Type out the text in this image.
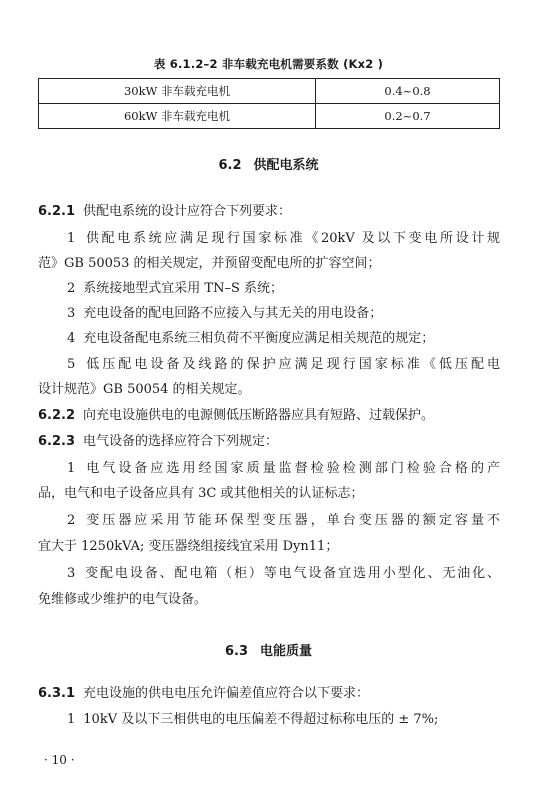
表 6.1.2–2 非车载充电机需要系数 (Kx2 )
30kW 非车载充电机	0.4~0.8
60kW 非车载充电机	0.2~0.7
6.2 供配电系统
6.2.1 供配电系统的设计应符合下列要求：
1 供配电系统应满足现行国家标准《20kV 及以下变电所设计规
范》GB 50053 的相关规定，并预留变配电所的扩容空间；
2 系统接地型式宜采用 TN–S 系统；
3 充电设备的配电回路不应接入与其无关的用电设备；
4 充电设备配电系统三相负荷不平衡度应满足相关规范的规定；
5 低压配电设备及线路的保护应满足现行国家标准《低压配电
设计规范》GB 50054 的相关规定。
6.2.2 向充电设施供电的电源侧低压断路器应具有短路、过载保护。
6.2.3 电气设备的选择应符合下列规定：
1 电气设备应选用经国家质量监督检验检测部门检验合格的产
品，电气和电子设备应具有 3C 或其他相关的认证标志；
2 变压器应采用节能环保型变压器，单台变压器的额定容量不
宜大于 1250kVA; 变压器绕组接线宜采用 Dyn11；
3 变配电设备、配电箱（柜）等电气设备宜选用小型化、无油化、
免维修或少维护的电气设备。
6.3 电能质量
6.3.1 充电设施的供电电压允许偏差值应符合以下要求：
1 10kV 及以下三相供电的电压偏差不得超过标称电压的 ± 7%;
· 10 ·
